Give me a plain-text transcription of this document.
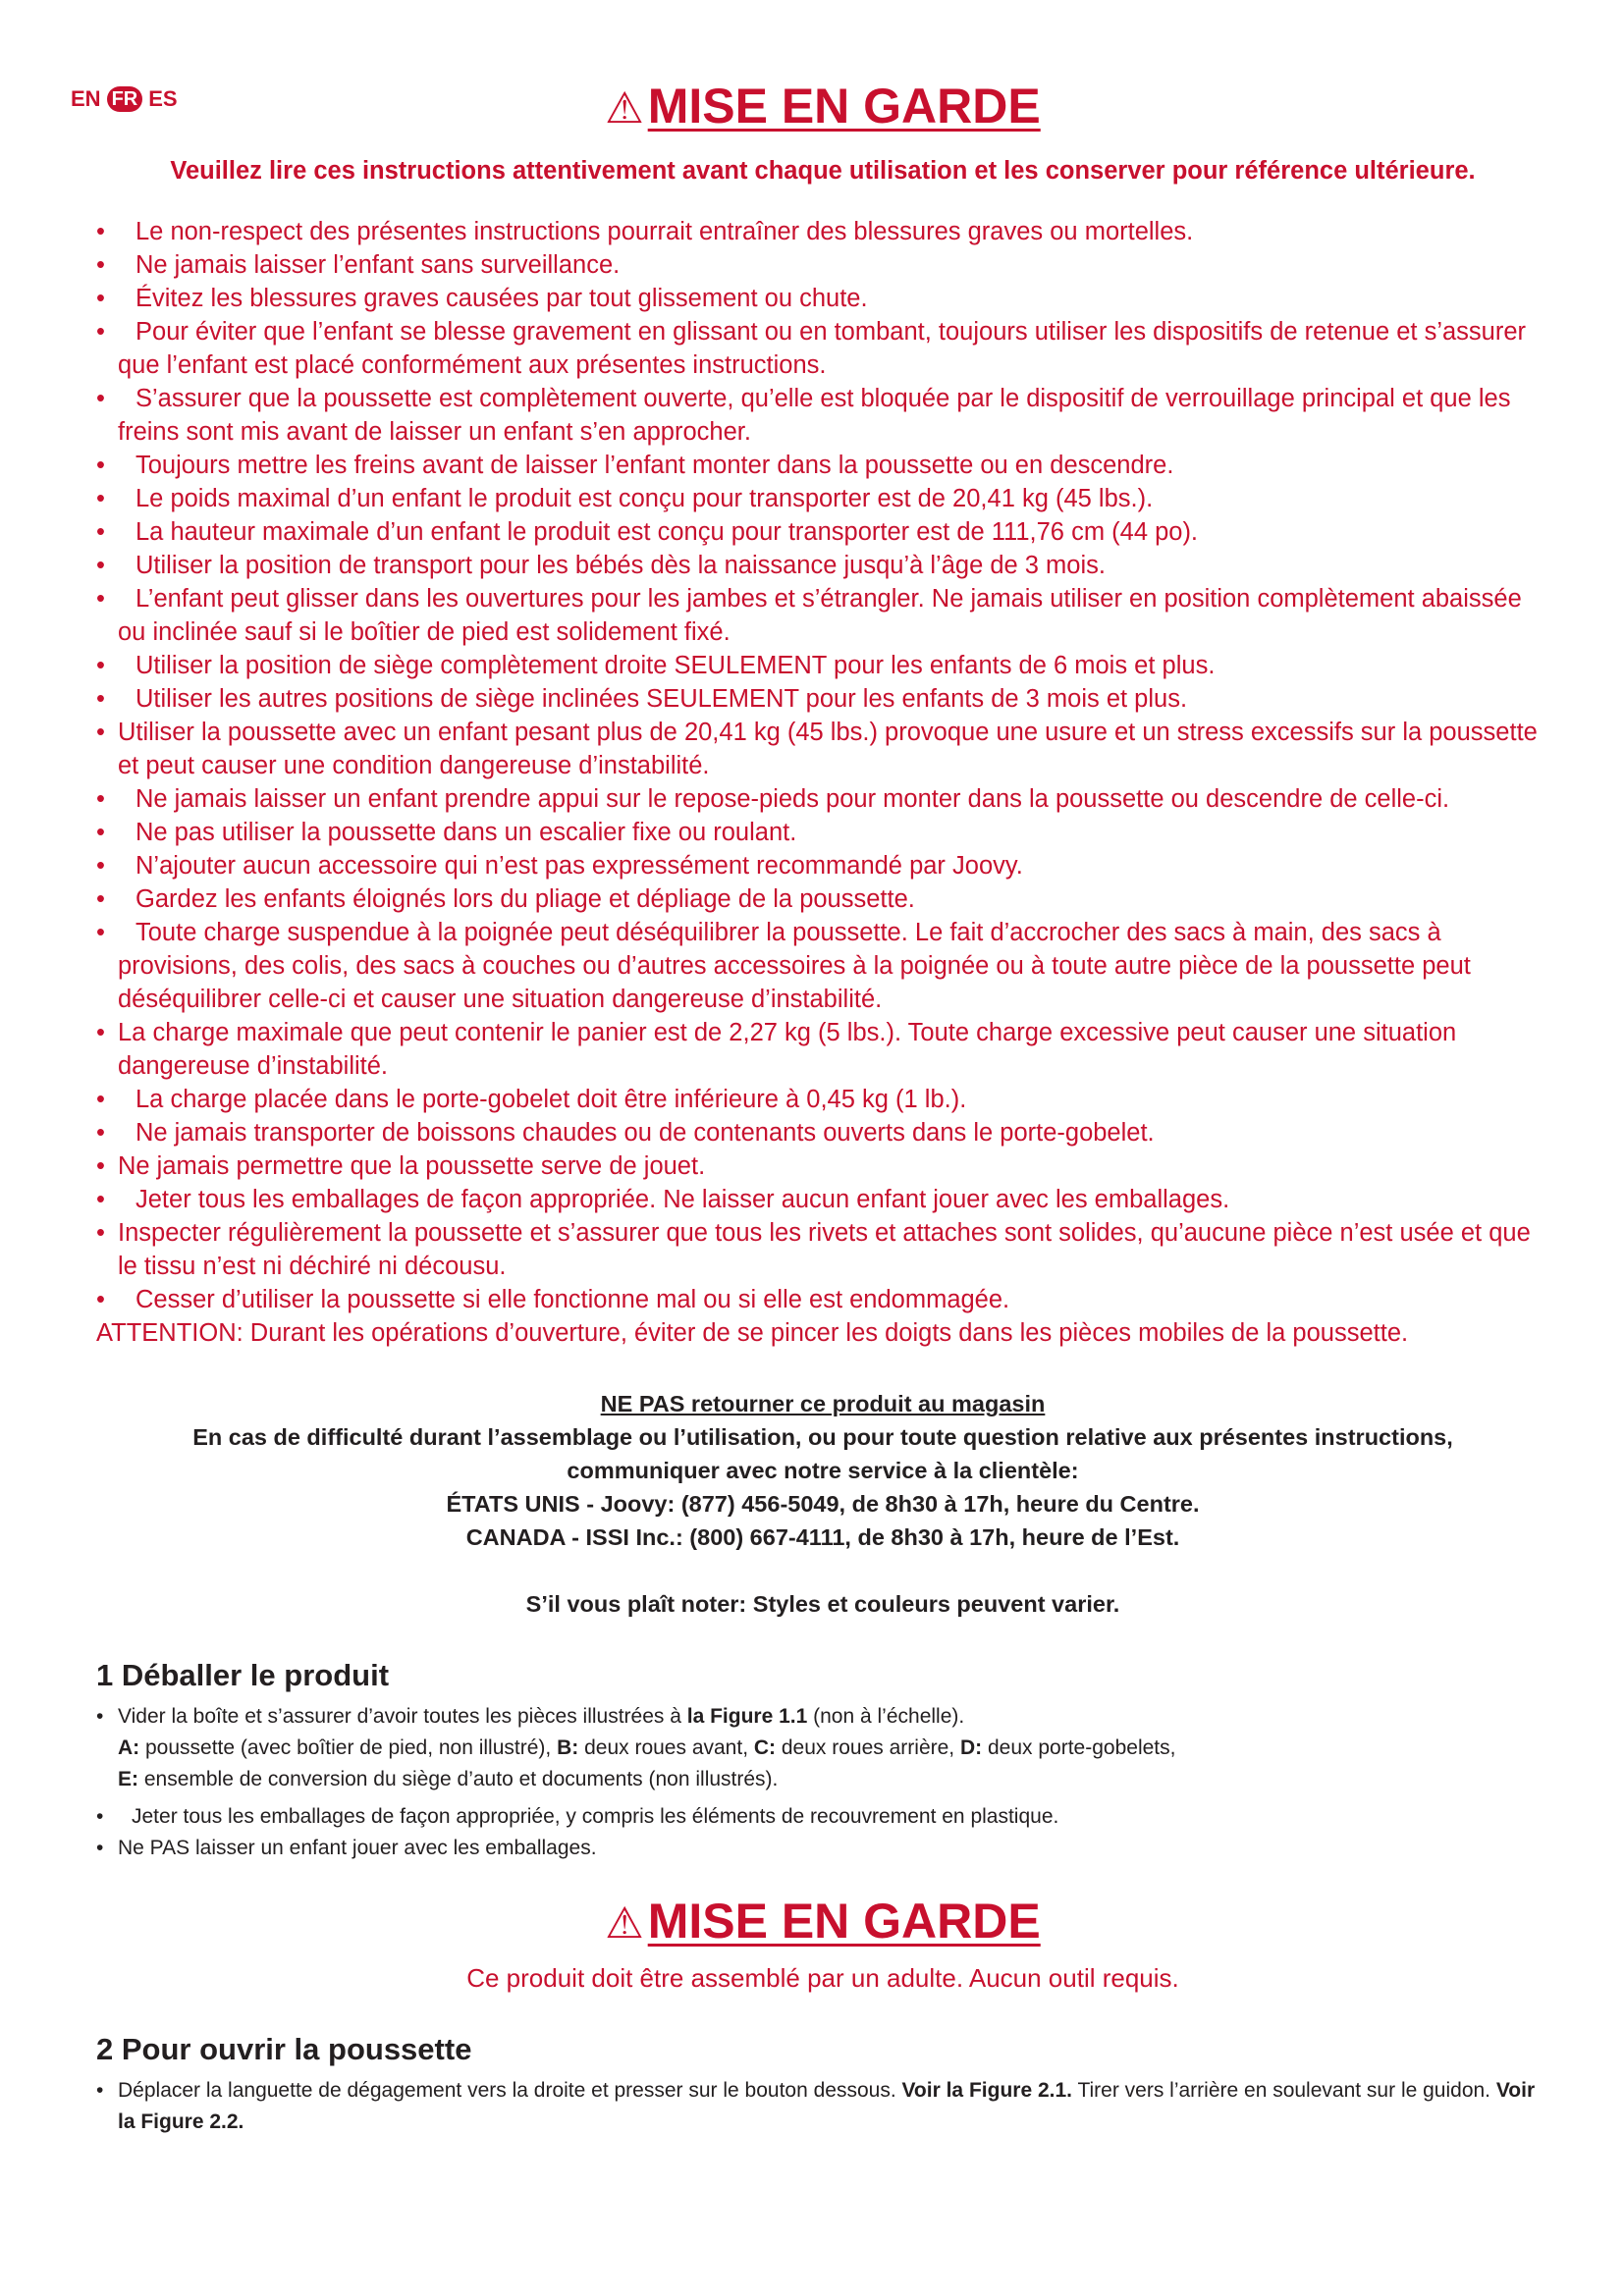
EN FR ES	⚠MISE EN GARDE
Veuillez lire ces instructions attentivement avant chaque utilisation et les conserver pour référence ultérieure.
•	Le non-respect des présentes instructions pourrait entraîner des blessures graves ou mortelles.
•	Ne jamais laisser l’enfant sans surveillance.
•	Évitez les blessures graves causées par tout glissement ou chute.
•	Pour éviter que l’enfant se blesse gravement en glissant ou en tombant, toujours utiliser les dispositifs de retenue et s’assurer que l’enfant est placé conformément aux présentes instructions.
•	S’assurer que la poussette est complètement ouverte, qu’elle est bloquée par le dispositif de verrouillage principal et que les freins sont mis avant de laisser un enfant s’en approcher.
•	Toujours mettre les freins avant de laisser l’enfant monter dans la poussette ou en descendre.
•	Le poids maximal d’un enfant le produit est conçu pour transporter est de 20,41 kg (45 lbs.).
•	La hauteur maximale d’un enfant le produit est conçu pour transporter est de 111,76 cm (44 po).
•	Utiliser la position de transport pour les bébés dès la naissance jusqu’à l’âge de 3 mois.
•	L’enfant peut glisser dans les ouvertures pour les jambes et s’étrangler. Ne jamais utiliser en position complètement abaissée ou inclinée sauf si le boîtier de pied est solidement fixé.
•	Utiliser la position de siège complètement droite SEULEMENT pour les enfants de 6 mois et plus.
•	Utiliser les autres positions de siège inclinées SEULEMENT pour les enfants de 3 mois et plus.
• Utiliser la poussette avec un enfant pesant plus de 20,41 kg (45 lbs.) provoque une usure et un stress excessifs sur la poussette et peut causer une condition dangereuse d’instabilité.
•	Ne jamais laisser un enfant prendre appui sur le repose-pieds pour monter dans la poussette ou descendre de celle-ci.
•	Ne pas utiliser la poussette dans un escalier fixe ou roulant.
•	N’ajouter aucun accessoire qui n’est pas expressément recommandé par Joovy.
•	Gardez les enfants éloignés lors du pliage et dépliage de la poussette.
•	Toute charge suspendue à la poignée peut déséquilibrer la poussette. Le fait d’accrocher des sacs à main, des sacs à provisions, des colis, des sacs à couches ou d’autres accessoires à la poignée ou à toute autre pièce de la poussette peut déséquilibrer celle-ci et causer une situation dangereuse d’instabilité.
• La charge maximale que peut contenir le panier est de 2,27 kg (5 lbs.). Toute charge excessive peut causer une situation dangereuse d’instabilité.
•	La charge placée dans le porte-gobelet doit être inférieure à 0,45 kg (1 lb.).
•	Ne jamais transporter de boissons chaudes ou de contenants ouverts dans le porte-gobelet.
• Ne jamais permettre que la poussette serve de jouet.
•	Jeter tous les emballages de façon appropriée. Ne laisser aucun enfant jouer avec les emballages.
• Inspecter régulièrement la poussette et s’assurer que tous les rivets et attaches sont solides, qu’aucune pièce n’est usée et que le tissu n’est ni déchiré ni décousu.
•	Cesser d’utiliser la poussette si elle fonctionne mal ou si elle est endommagée.
ATTENTION: Durant les opérations d’ouverture, éviter de se pincer les doigts dans les pièces mobiles de la poussette.
NE PAS retourner ce produit au magasin
En cas de difficulté durant l’assemblage ou l’utilisation, ou pour toute question relative aux présentes instructions,
communiquer avec notre service à la clientèle:
ÉTATS UNIS - Joovy: (877) 456-5049, de 8h30 à 17h, heure du Centre.
CANADA - ISSI Inc.: (800) 667-4111, de 8h30 à 17h, heure de l’Est.
S’il vous plaît noter: Styles et couleurs peuvent varier.
1 Déballer le produit
• Vider la boîte et s’assurer d’avoir toutes les pièces illustrées à la Figure 1.1 (non à l’échelle).
A: poussette (avec boîtier de pied, non illustré), B: deux roues avant, C: deux roues arrière, D: deux porte-gobelets,
E: ensemble de conversion du siège d’auto et documents (non illustrés).
• Jeter tous les emballages de façon appropriée, y compris les éléments de recouvrement en plastique.
• Ne PAS laisser un enfant jouer avec les emballages.
⚠MISE EN GARDE
Ce produit doit être assemblé par un adulte. Aucun outil requis.
2 Pour ouvrir la poussette
• Déplacer la languette de dégagement vers la droite et presser sur le bouton dessous. Voir la Figure 2.1. Tirer vers l’arrière en soulevant sur le guidon. Voir la Figure 2.2.
